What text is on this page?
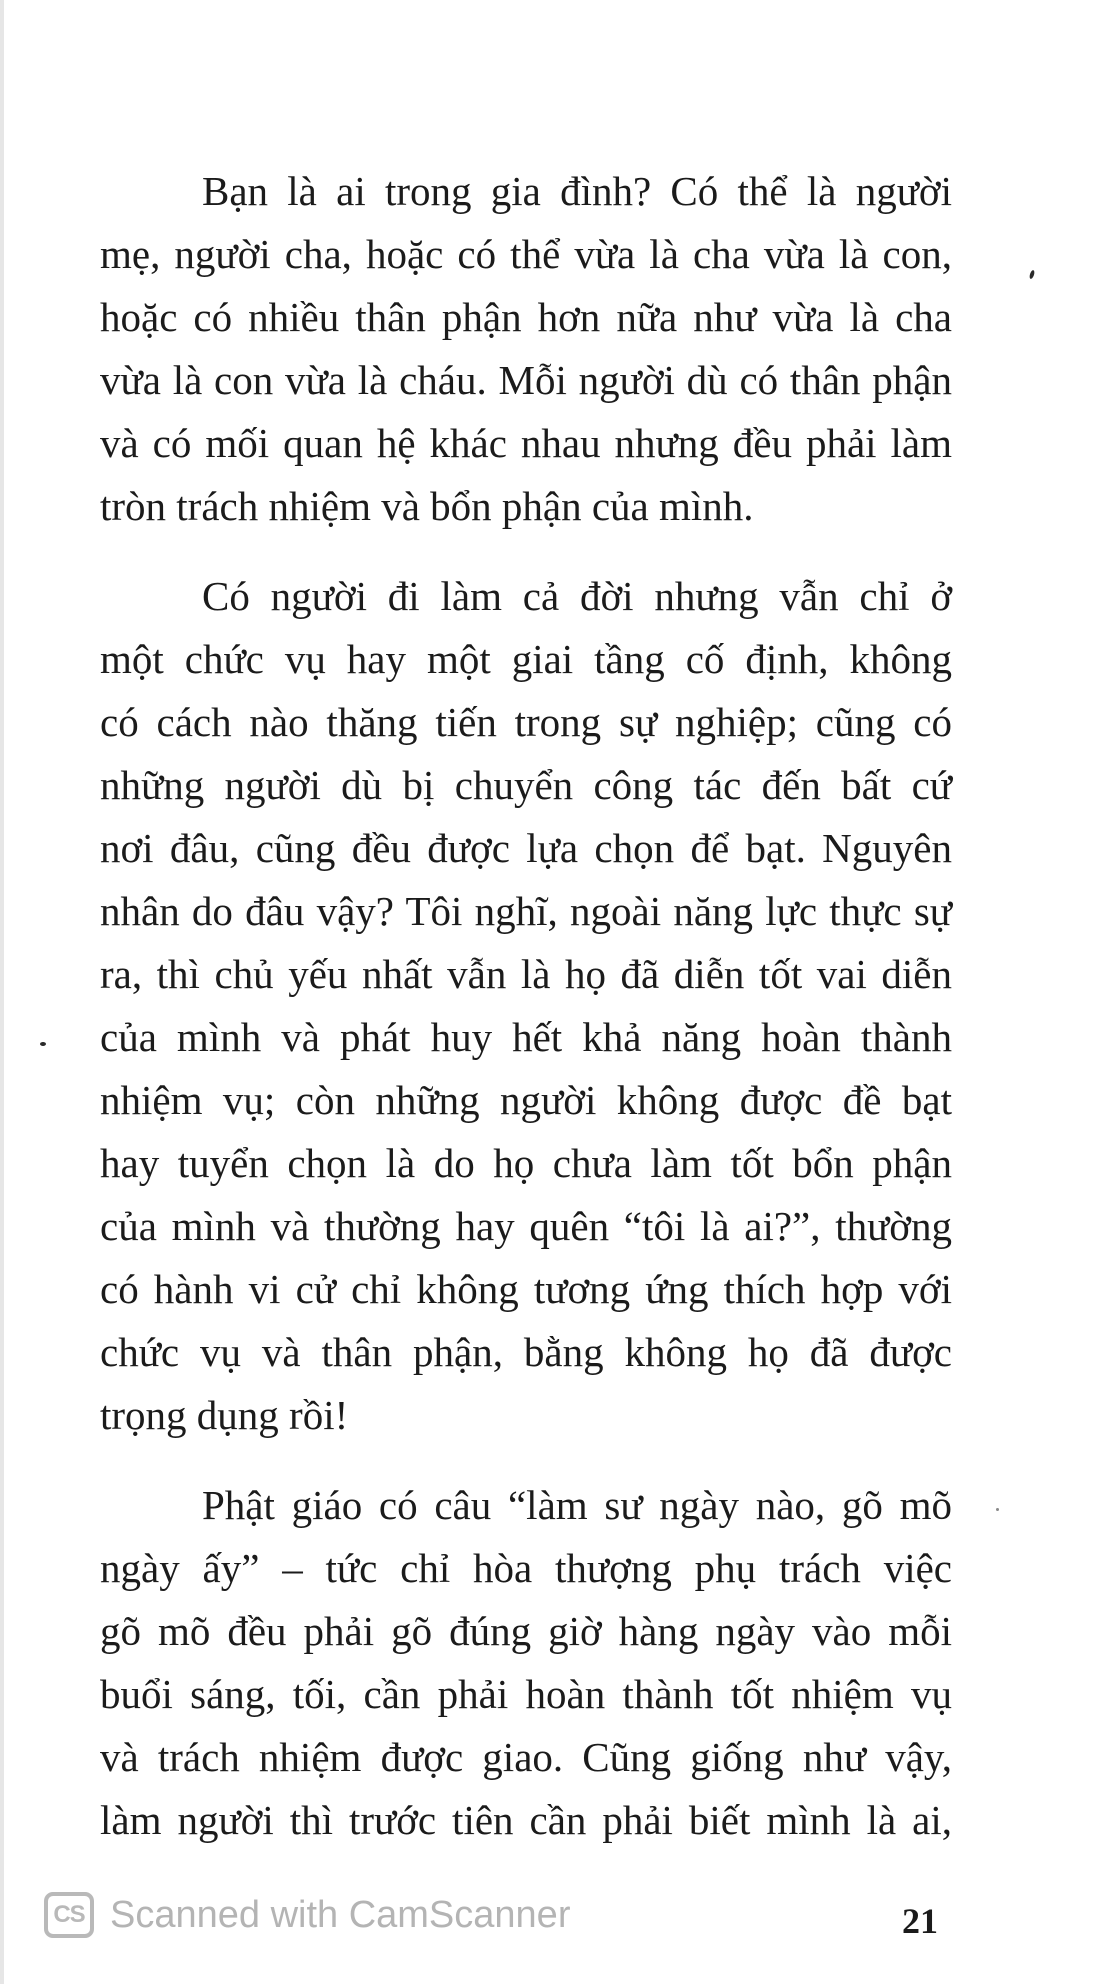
Bạn là ai trong gia đình? Có thể là người
mẹ, người cha, hoặc có thể vừa là cha vừa là con,
hoặc có nhiều thân phận hơn nữa như vừa là cha
vừa là con vừa là cháu. Mỗi người dù có thân phận
và có mối quan hệ khác nhau nhưng đều phải làm
tròn trách nhiệm và bổn phận của mình.
Có người đi làm cả đời nhưng vẫn chỉ ở
một chức vụ hay một giai tầng cố định, không
có cách nào thăng tiến trong sự nghiệp; cũng có
những người dù bị chuyển công tác đến bất cứ
nơi đâu, cũng đều được lựa chọn để bạt. Nguyên
nhân do đâu vậy? Tôi nghĩ, ngoài năng lực thực sự
ra, thì chủ yếu nhất vẫn là họ đã diễn tốt vai diễn
của mình và phát huy hết khả năng hoàn thành
nhiệm vụ; còn những người không được đề bạt
hay tuyển chọn là do họ chưa làm tốt bổn phận
của mình và thường hay quên “tôi là ai?”, thường
có hành vi cử chỉ không tương ứng thích hợp với
chức vụ và thân phận, bằng không họ đã được
trọng dụng rồi!
Phật giáo có câu “làm sư ngày nào, gõ mõ
ngày ấy” – tức chỉ hòa thượng phụ trách việc
gõ mõ đều phải gõ đúng giờ hàng ngày vào mỗi
buổi sáng, tối, cần phải hoàn thành tốt nhiệm vụ
và trách nhiệm được giao. Cũng giống như vậy,
làm người thì trước tiên cần phải biết mình là ai,
CS Scanned with CamScanner	21
